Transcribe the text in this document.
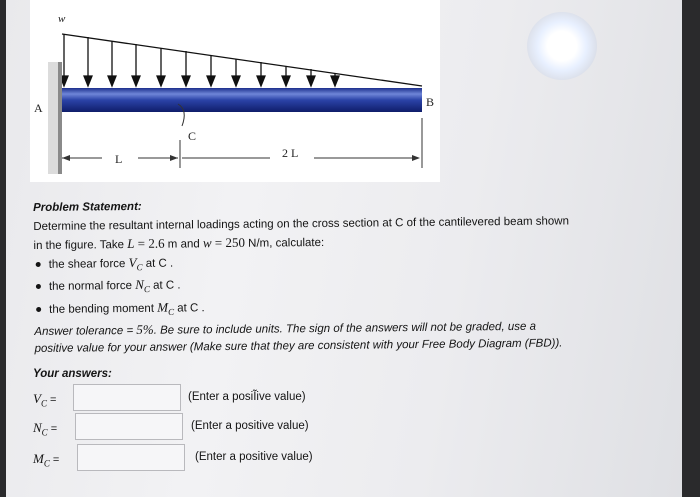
w
A	B
C
L	2 L
Problem Statement:
Determine the resultant internal loadings acting on the cross section at C of the cantilevered beam shown
in the figure. Take L = 2.6 m and w = 250 N/m, calculate:
the shear force $V_C$ at C .
the normal force $N_C$ at C .
the bending moment $M_C$ at C .
Answer tolerance = 5%. Be sure to include units. The sign of the answers will not be graded, use a
positive value for your answer (Make sure that they are consistent with your Free Body Diagram (FBD)).
Your answers:
$V_C$ =	(Enter a posiĨive value)
$N_C$ =	(Enter a positive value)
$M_C$ =	(Enter a positive value)
